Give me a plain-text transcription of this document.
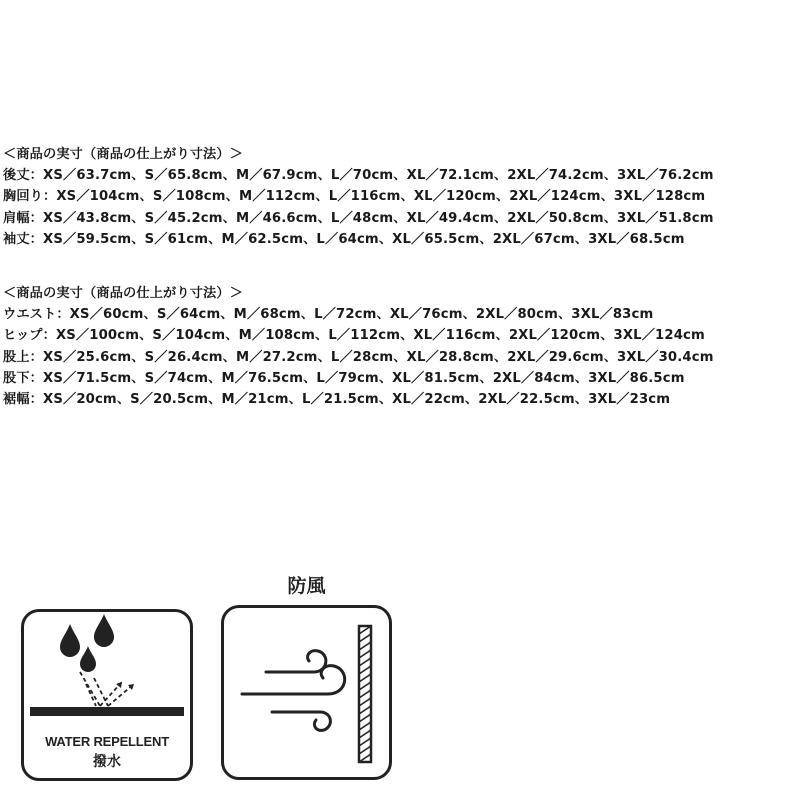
＜商品の実寸（商品の仕上がり寸法）＞
後丈：XS／63.7cm、S／65.8cm、M／67.9cm、L／70cm、XL／72.1cm、2XL／74.2cm、3XL／76.2cm
胸回り：XS／104cm、S／108cm、M／112cm、L／116cm、XL／120cm、2XL／124cm、3XL／128cm
肩幅：XS／43.8cm、S／45.2cm、M／46.6cm、L／48cm、XL／49.4cm、2XL／50.8cm、3XL／51.8cm
袖丈：XS／59.5cm、S／61cm、M／62.5cm、L／64cm、XL／65.5cm、2XL／67cm、3XL／68.5cm
＜商品の実寸（商品の仕上がり寸法）＞
ウエスト：XS／60cm、S／64cm、M／68cm、L／72cm、XL／76cm、2XL／80cm、3XL／83cm
ヒップ：XS／100cm、S／104cm、M／108cm、L／112cm、XL／116cm、2XL／120cm、3XL／124cm
股上：XS／25.6cm、S／26.4cm、M／27.2cm、L／28cm、XL／28.8cm、2XL／29.6cm、3XL／30.4cm
股下：XS／71.5cm、S／74cm、M／76.5cm、L／79cm、XL／81.5cm、2XL／84cm、3XL／86.5cm
裾幅：XS／20cm、S／20.5cm、M／21cm、L／21.5cm、XL／22cm、2XL／22.5cm、3XL／23cm
WATER REPELLENT
撥水
防風
